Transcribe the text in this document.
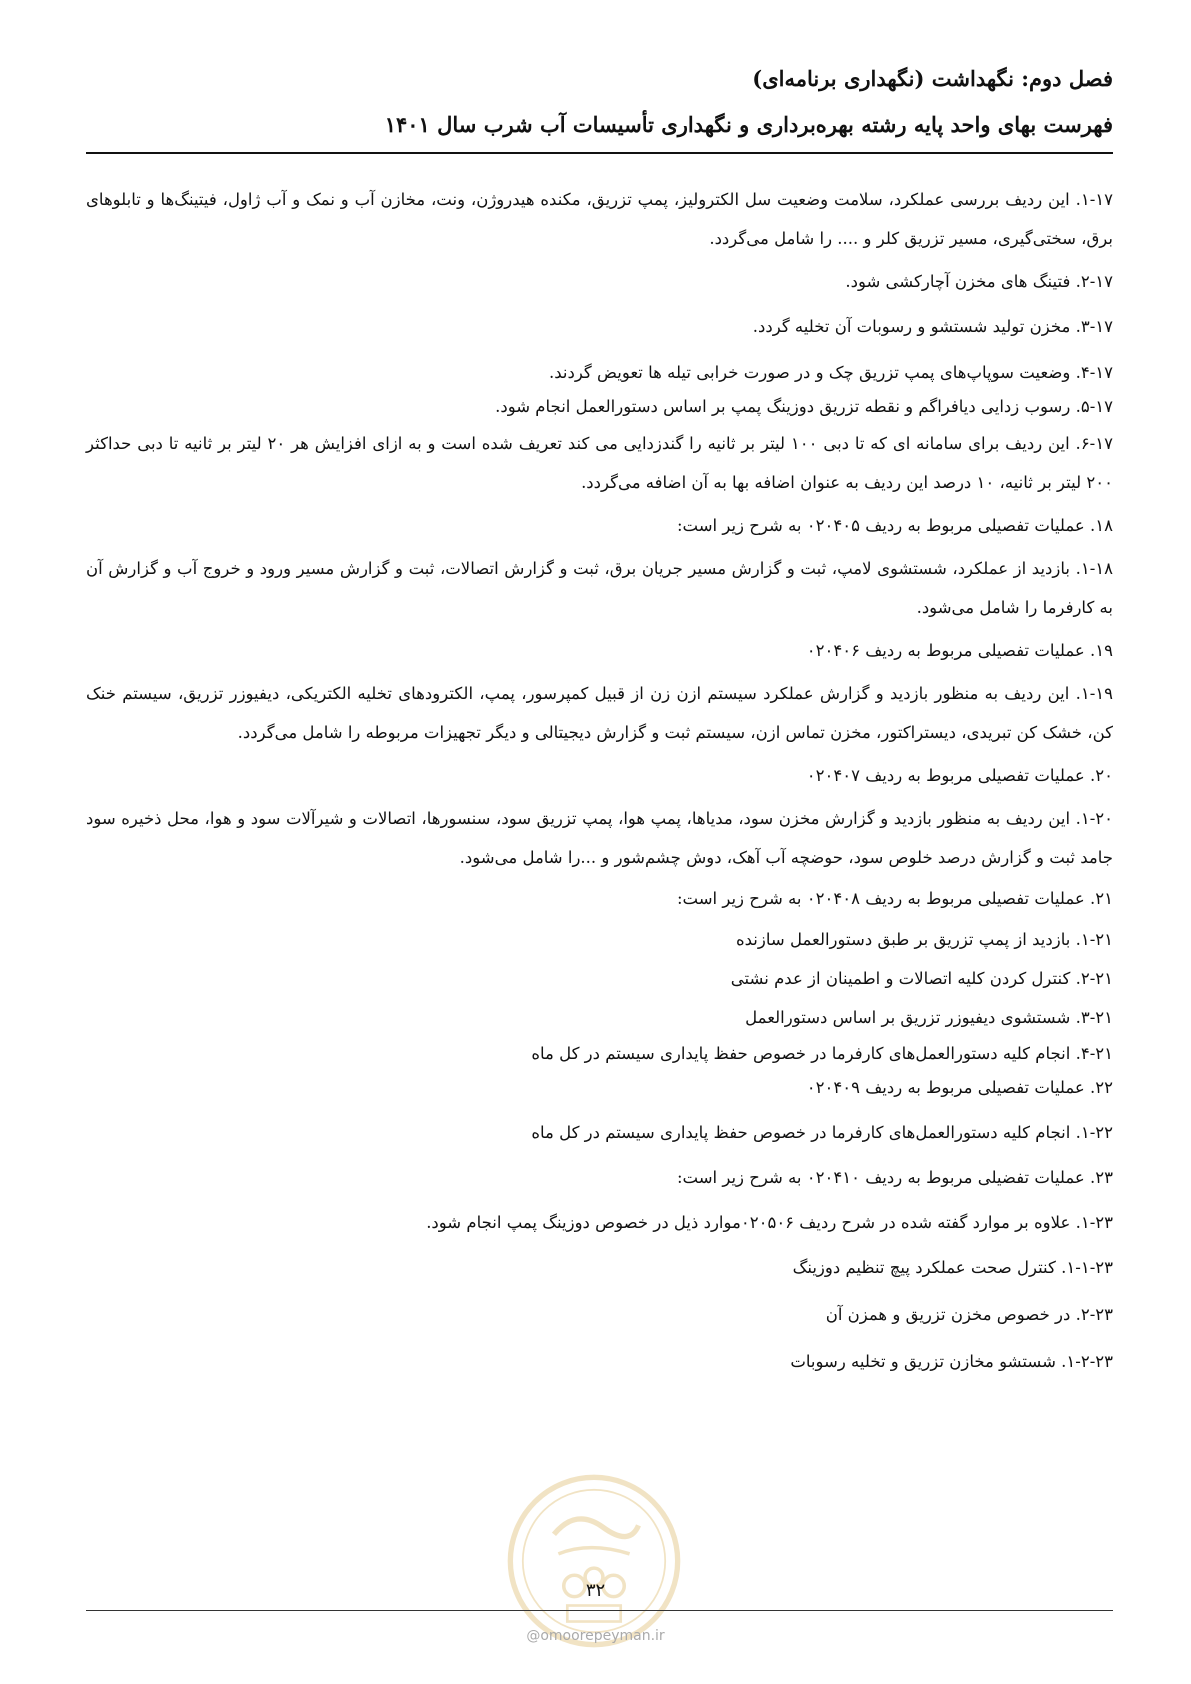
فصل دوم: نگهداشت (نگهداری برنامه‌ای)
فهرست بهای واحد پایه رشته بهره‌برداری و نگهداری تأسیسات آب شرب سال ۱۴۰۱

۱-۱۷. این ردیف بررسی عملکرد، سلامت وضعیت سل الکترولیز، پمپ تزریق، مکنده هیدروژن، ونت، مخازن آب و نمک و آب ژاول، فیتینگ‌ها و تابلوهای برق، سختی‌گیری، مسیر تزریق کلر و .... را شامل می‌گردد.

۲-۱۷. فتینگ های مخزن آچارکشی شود.

۳-۱۷. مخزن تولید شستشو و رسوبات آن تخلیه گردد.

۴-۱۷. وضعیت سوپاپ‌های پمپ تزریق چک و در صورت خرابی تیله ها تعویض گردند.

۵-۱۷. رسوب زدایی دیافراگم و نقطه تزریق دوزینگ پمپ بر اساس دستورالعمل انجام شود.

۶-۱۷. این ردیف برای سامانه ای که تا دبی ۱۰۰ لیتر بر ثانیه را گندزدایی می کند تعریف شده است و به ازای افزایش هر ۲۰ لیتر بر ثانیه تا دبی حداکثر ۲۰۰ لیتر بر ثانیه، ۱۰ درصد این ردیف به عنوان اضافه بها به آن اضافه می‌گردد.

۱۸. عملیات تفصیلی مربوط به ردیف ۰۲۰۴۰۵ به شرح زیر است:

۱-۱۸. بازدید از عملکرد، شستشوی لامپ، ثبت و گزارش مسیر جریان برق، ثبت و گزارش اتصالات، ثبت و گزارش مسیر ورود و خروج آب و گزارش آن به کارفرما را شامل می‌شود.

۱۹. عملیات تفصیلی مربوط به ردیف ۰۲۰۴۰۶

۱-۱۹. این ردیف به منظور بازدید و گزارش عملکرد سیستم ازن زن از قبیل کمپرسور، پمپ، الکترودهای تخلیه الکتریکی، دیفیوزر تزریق، سیستم خنک کن، خشک کن تبریدی، دیستراکتور، مخزن تماس ازن، سیستم ثبت و گزارش دیجیتالی و دیگر تجهیزات مربوطه را شامل می‌گردد.

۲۰. عملیات تفصیلی مربوط به ردیف ۰۲۰۴۰۷

۱-۲۰. این ردیف به منظور بازدید و گزارش مخزن سود، مدیاها، پمپ هوا، پمپ تزریق سود، سنسورها، اتصالات و شیرآلات سود و هوا، محل ذخیره سود جامد ثبت و گزارش درصد خلوص سود، حوضچه آب آهک، دوش چشم‌شور و ...را شامل می‌شود.

۲۱. عملیات تفصیلی مربوط به ردیف ۰۲۰۴۰۸ به شرح زیر است:

۱-۲۱. بازدید از پمپ تزریق بر طبق دستورالعمل سازنده

۲-۲۱. کنترل کردن کلیه اتصالات و اطمینان از عدم نشتی

۳-۲۱. شستشوی دیفیوزر تزریق بر اساس دستورالعمل

۴-۲۱. انجام کلیه دستورالعمل‌های کارفرما در خصوص حفظ پایداری سیستم در کل ماه

۲۲. عملیات تفصیلی مربوط به ردیف ۰۲۰۴۰۹

۱-۲۲. انجام کلیه دستورالعمل‌های کارفرما در خصوص حفظ پایداری سیستم در کل ماه

۲۳. عملیات تفضیلی مربوط به ردیف ۰۲۰۴۱۰ به شرح زیر است:

۱-۲۳. علاوه بر موارد گفته شده در شرح ردیف ۰۲۰۵۰۶موارد ذیل در خصوص دوزینگ پمپ انجام شود.

۱-۱-۲۳. کنترل صحت عملکرد پیچ تنظیم دوزینگ

۲-۲۳. در خصوص مخزن تزریق و همزن آن

۱-۲-۲۳. شستشو مخازن تزریق و تخلیه رسوبات

۳۲
@omoorepeyman.ir
